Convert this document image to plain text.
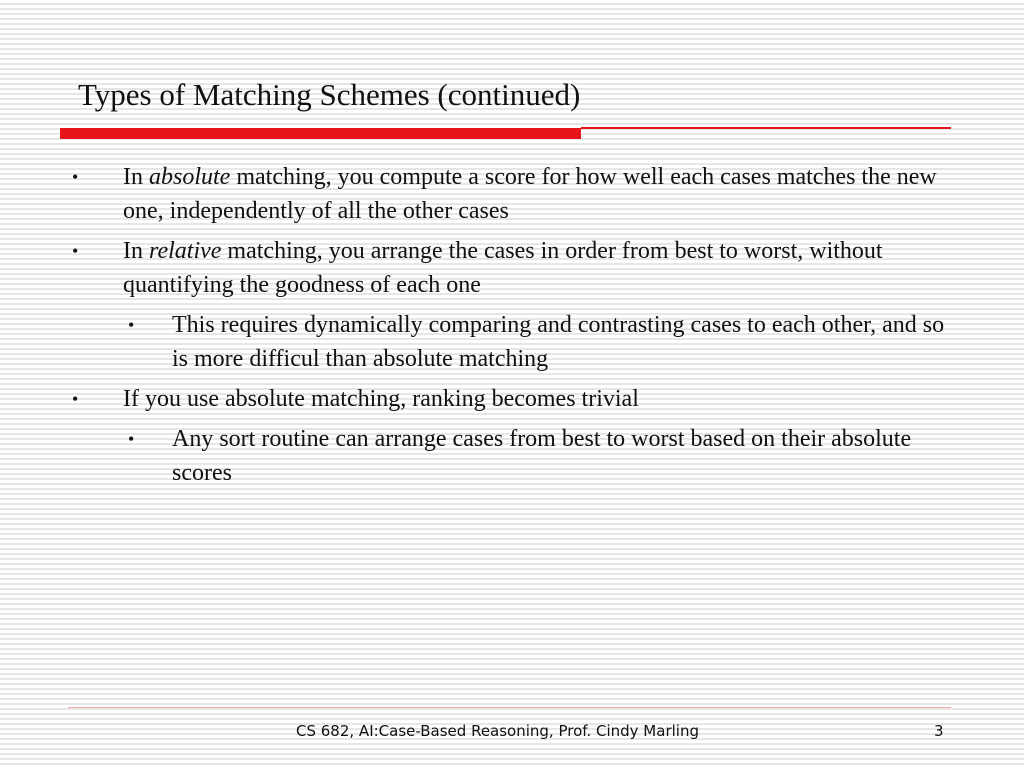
Types of Matching Schemes (continued)
• In absolute matching, you compute a score for how well each cases matches the new one, independently of all the other cases
• In relative matching, you arrange the cases in order from best to worst, without quantifying the goodness of each one
• This requires dynamically comparing and contrasting cases to each other, and so is more difficul than absolute matching
• If you use absolute matching, ranking becomes trivial
• Any sort routine can arrange cases from best to worst based on their absolute scores
CS 682, AI:Case-Based Reasoning, Prof. Cindy Marling	3
